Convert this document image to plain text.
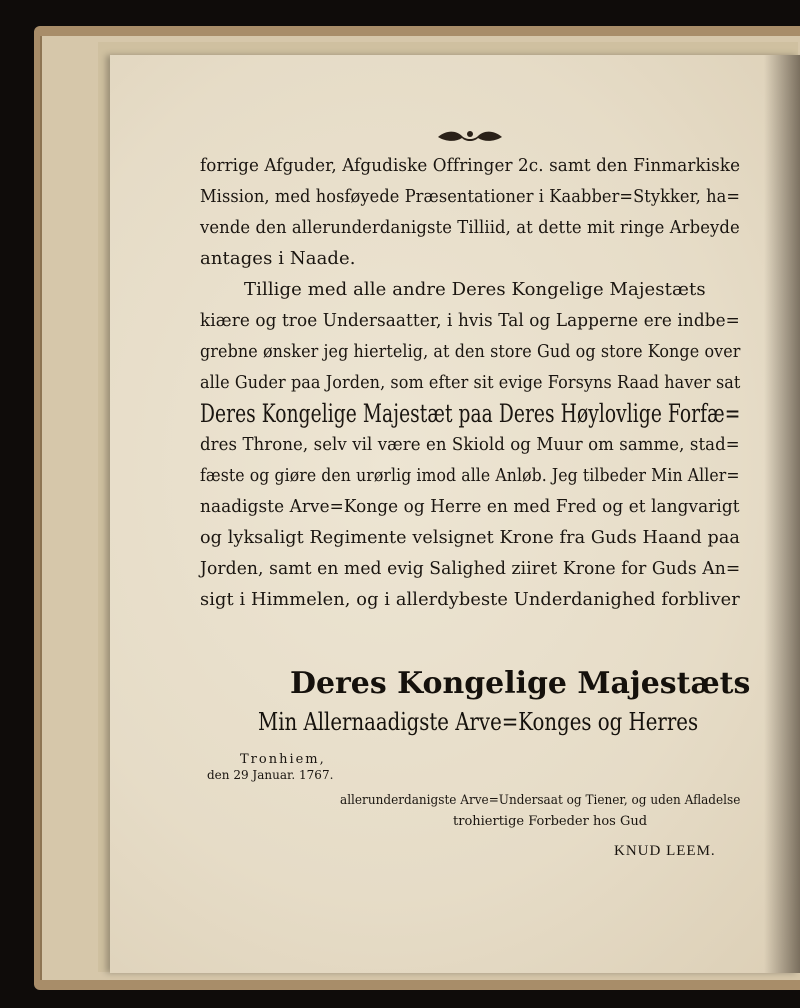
forrige Afguder, Afgudiske Offringer 2c. samt den Finmarkiske
Mission, med hosføyede Præsentationer i Kaabber=Stykker, ha=
vende den allerunderdanigste Tilliid, at dette mit ringe Arbeyde
antages i Naade.
Tillige med alle andre Deres Kongelige Majestæts
kiære og troe Undersaatter, i hvis Tal og Lapperne ere indbe=
grebne ønsker jeg hiertelig, at den store Gud og store Konge over
alle Guder paa Jorden, som efter sit evige Forsyns Raad haver sat
Deres Kongelige Majestæt paa Deres Høylovlige Forfæ=
dres Throne, selv vil være en Skiold og Muur om samme, stad=
fæste og giøre den urørlig imod alle Anløb. Jeg tilbeder Min Aller=
naadigste Arve=Konge og Herre en med Fred og et langvarigt
og lyksaligt Regimente velsignet Krone fra Guds Haand paa
Jorden, samt en med evig Salighed ziiret Krone for Guds An=
sigt i Himmelen, og i allerdybeste Underdanighed forbliver
Deres Kongelige Majestæts
Min Allernaadigste Arve=Konges og Herres
Tronhiem,
den 29 Januar. 1767.
allerunderdanigste Arve=Undersaat og Tiener, og uden Afladelse
trohiertige Forbeder hos Gud
KNUD LEEM.
